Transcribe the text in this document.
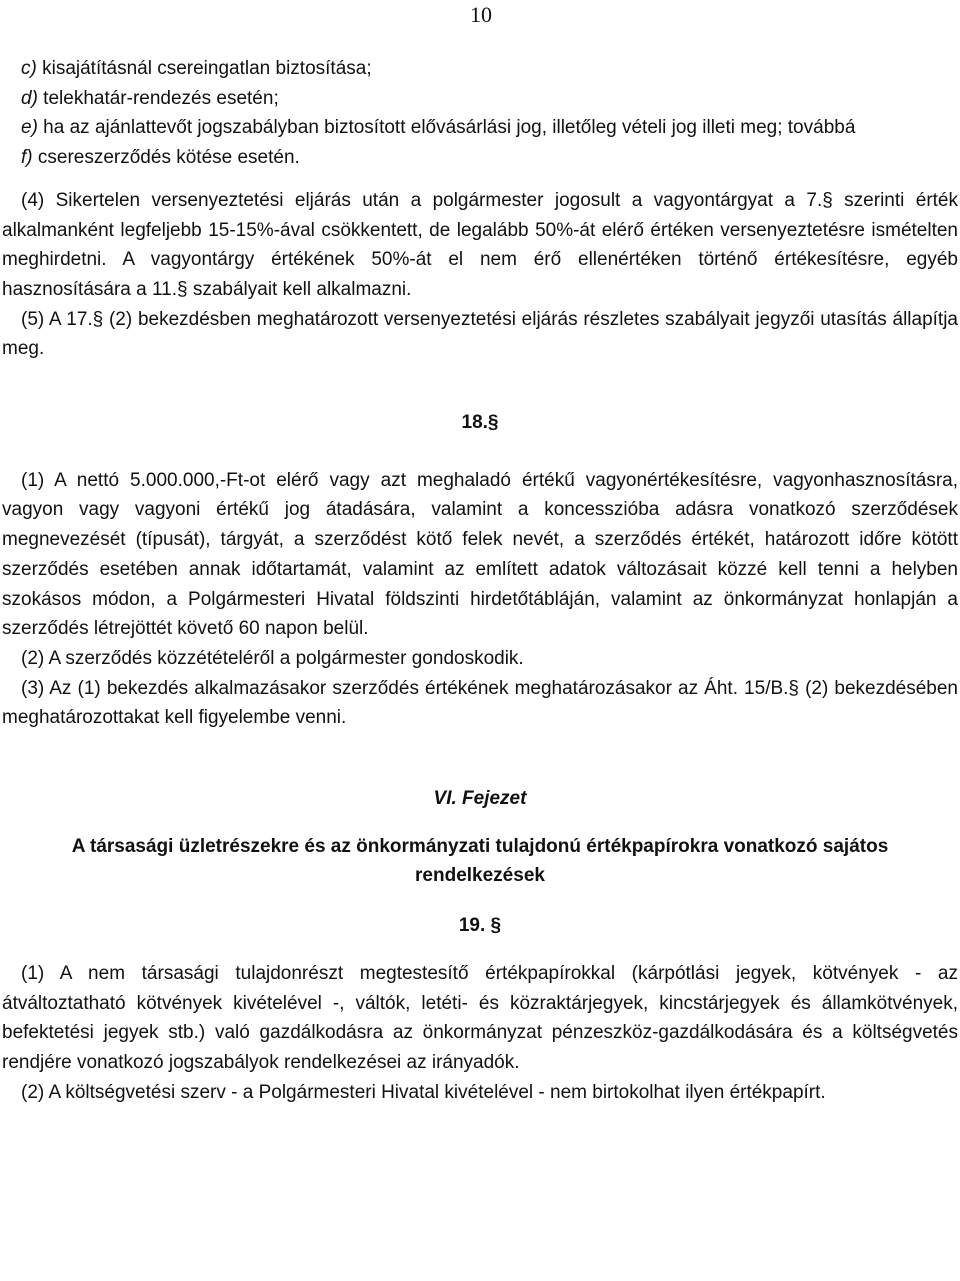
10

c) kisajátításnál csereingatlan biztosítása;

d) telekhatár-rendezés esetén;

e) ha az ajánlattevőt jogszabályban biztosított elővásárlási jog, illetőleg vételi jog illeti meg; továbbá

f) csereszerződés kötése esetén.

(4) Sikertelen versenyeztetési eljárás után a polgármester jogosult a vagyontárgyat a 7.§ szerinti érték alkalmanként legfeljebb 15-15%-ával csökkentett, de legalább 50%-át elérő értéken versenyeztetésre ismételten meghirdetni. A vagyontárgy értékének 50%-át el nem érő ellenértéken történő értékesítésre, egyéb hasznosítására a 11.§ szabályait kell alkalmazni.

(5) A 17.§ (2) bekezdésben meghatározott versenyeztetési eljárás részletes szabályait jegyzői utasítás állapítja meg.

18.§

(1) A nettó 5.000.000,-Ft-ot elérő vagy azt meghaladó értékű vagyonértékesítésre, vagyonhasznosításra, vagyon vagy vagyoni értékű jog átadására, valamint a koncesszióba adásra vonatkozó szerződések megnevezését (típusát), tárgyát, a szerződést kötő felek nevét, a szerződés értékét, határozott időre kötött szerződés esetében annak időtartamát, valamint az említett adatok változásait közzé kell tenni a helyben szokásos módon, a Polgármesteri Hivatal földszinti hirdetőtábláján, valamint az önkormányzat honlapján a szerződés létrejöttét követő 60 napon belül.

(2) A szerződés közzétételéről a polgármester gondoskodik.

(3) Az (1) bekezdés alkalmazásakor szerződés értékének meghatározásakor az Áht. 15/B.§ (2) bekezdésében meghatározottakat kell figyelembe venni.

VI. Fejezet

A társasági üzletrészekre és az önkormányzati tulajdonú értékpapírokra vonatkozó sajátos rendelkezések

19. §

(1) A nem társasági tulajdonrészt megtestesítő értékpapírokkal (kárpótlási jegyek, kötvények - az átváltoztatható kötvények kivételével -, váltók, letéti- és közraktárjegyek, kincstárjegyek és államkötvények, befektetési jegyek stb.) való gazdálkodásra az önkormányzat pénzeszköz-gazdálkodására és a költségvetés rendjére vonatkozó jogszabályok rendelkezései az irányadók.

(2) A költségvetési szerv - a Polgármesteri Hivatal kivételével - nem birtokolhat ilyen értékpapírt.
